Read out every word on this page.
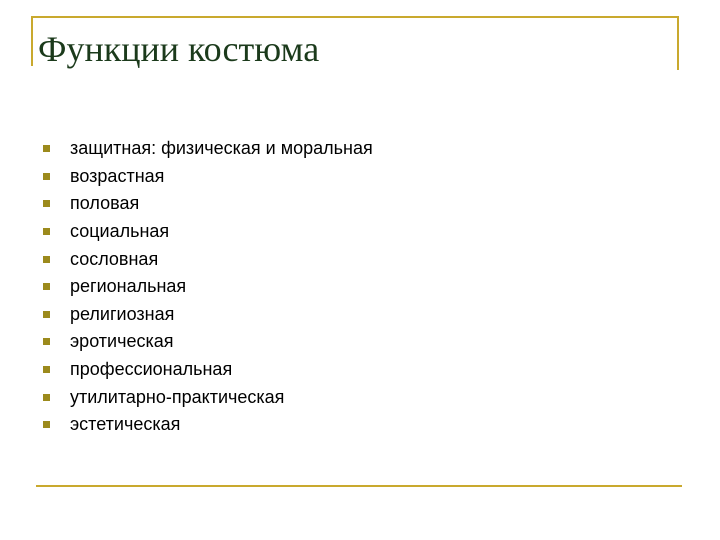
Функции костюма
защитная: физическая и моральная
возрастная
половая
социальная
сословная
региональная
религиозная
эротическая
профессиональная
утилитарно-практическая
эстетическая
